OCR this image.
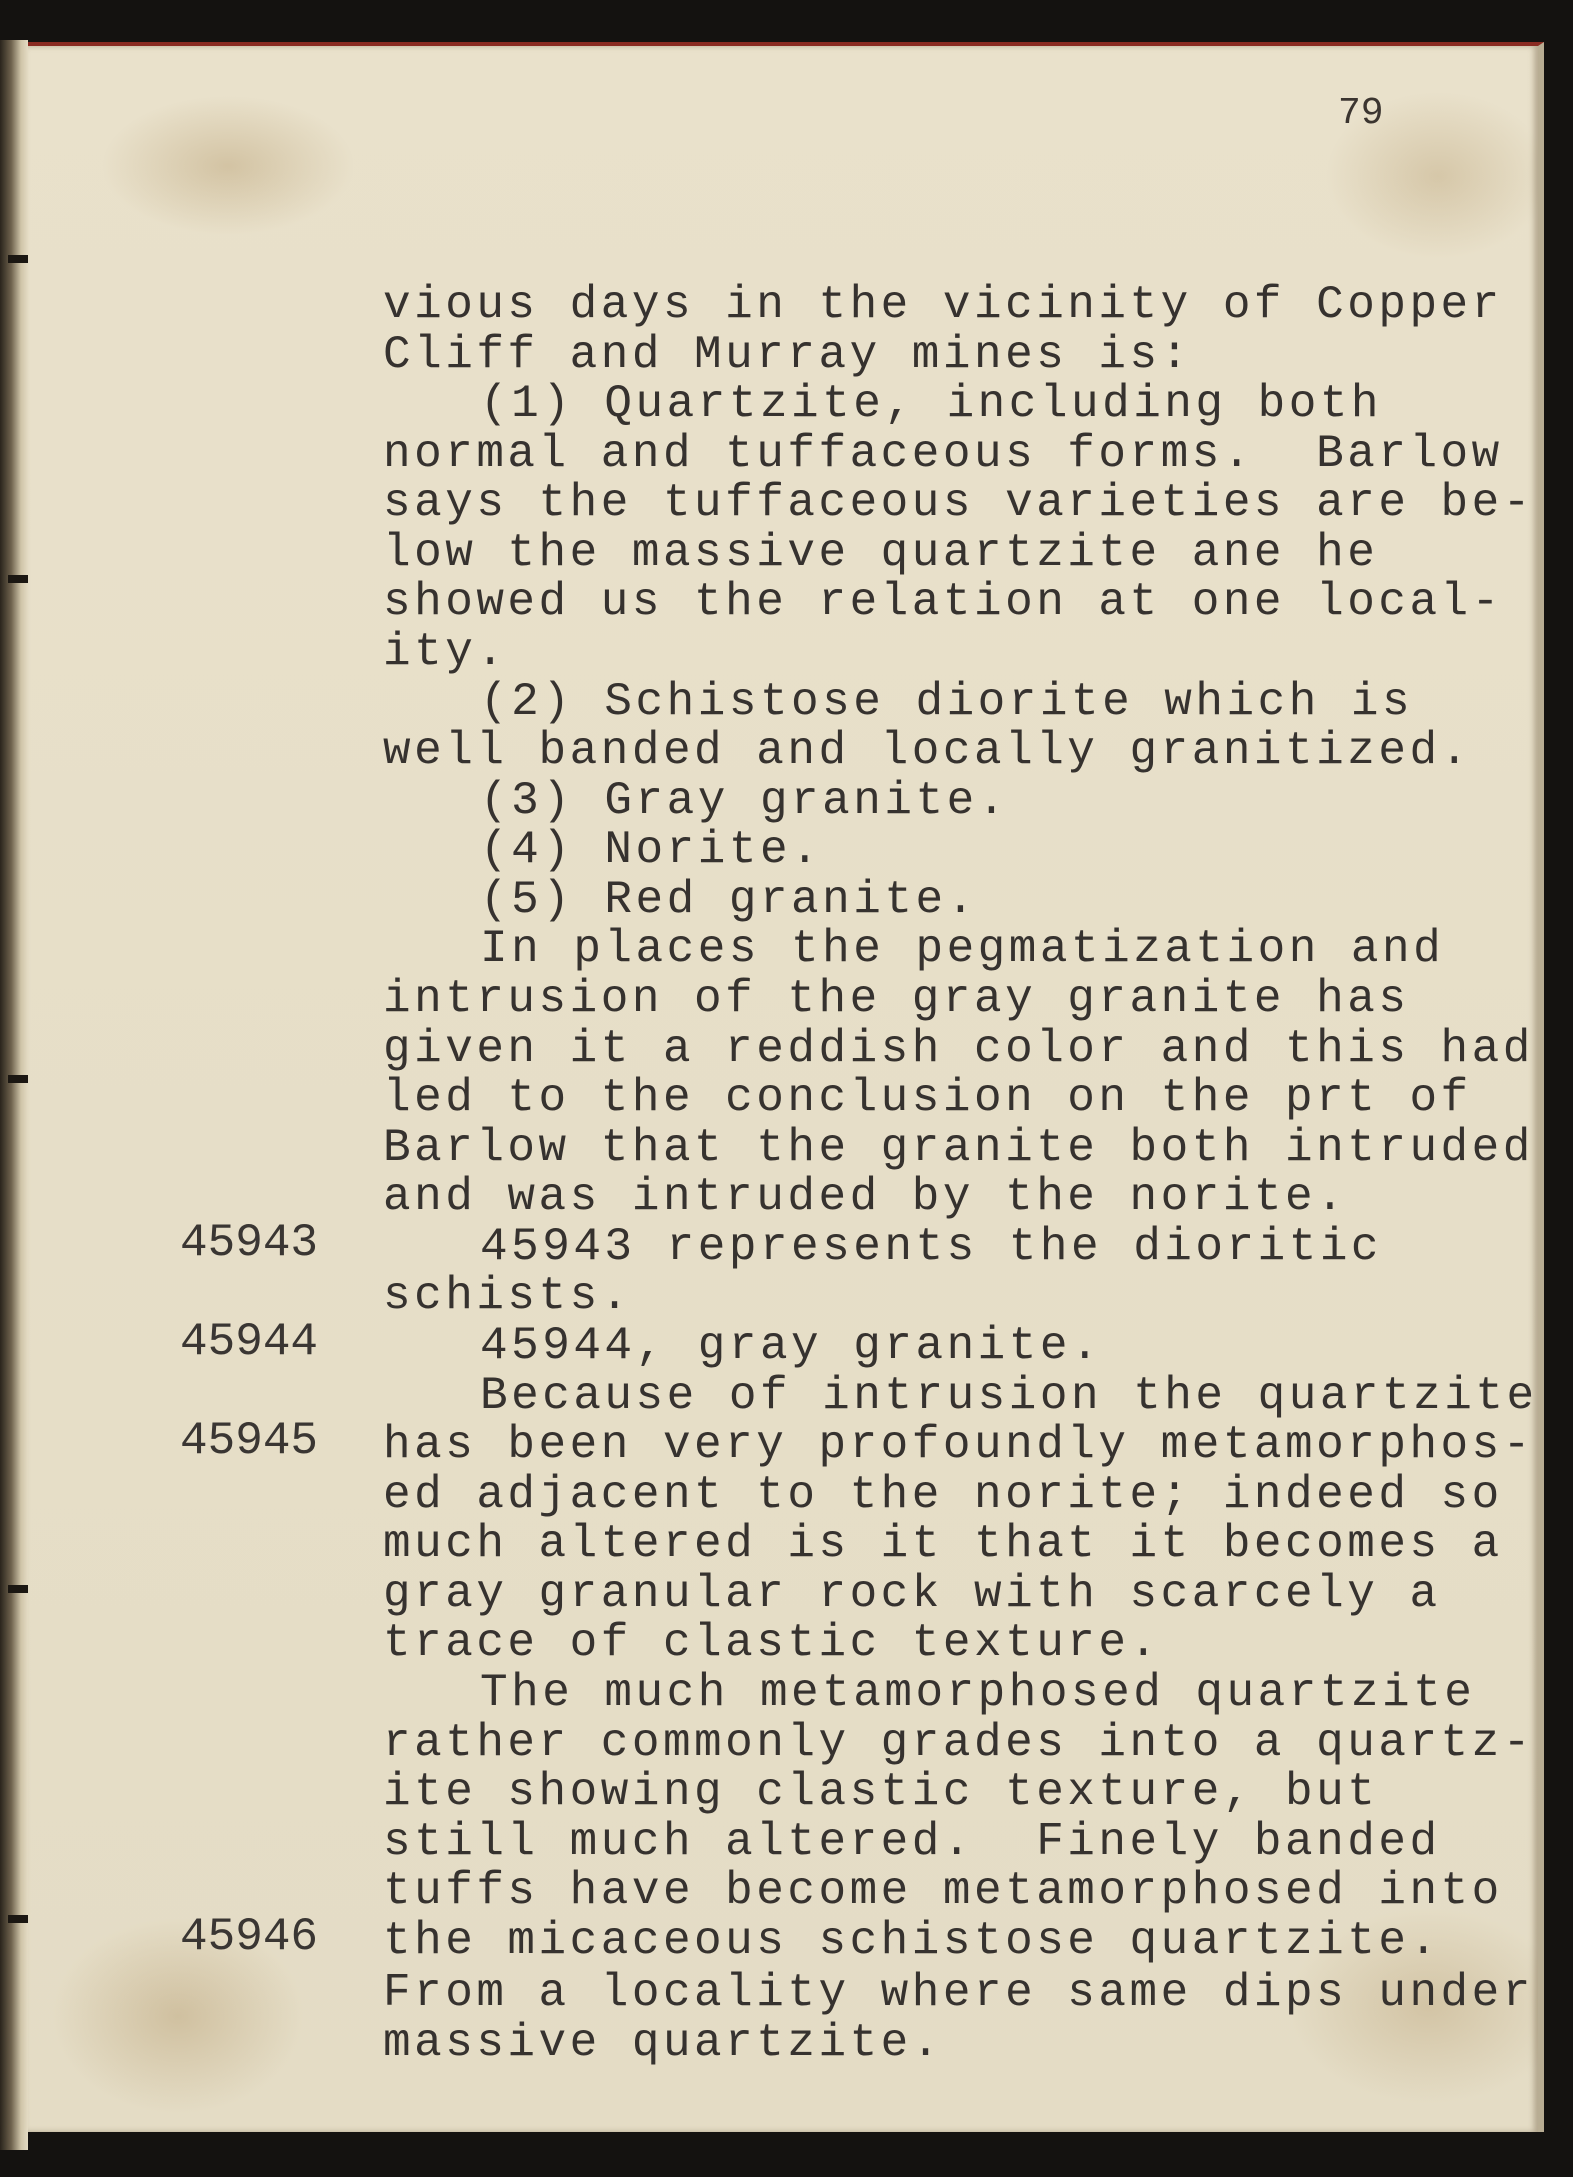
79

vious days in the vicinity of Copper

Cliff and Murray mines is:

(1) Quartzite, including both

normal and tuffaceous forms.  Barlow

says the tuffaceous varieties are be-

low the massive quartzite ane he

showed us the relation at one local-

ity.

(2) Schistose diorite which is

well banded and locally granitized.

(3) Gray granite.

(4) Norite.

(5) Red granite.

In places the pegmatization and

intrusion of the gray granite has

given it a reddish color and this had

led to the conclusion on the prt of

Barlow that the granite both intruded

and was intruded by the norite.

45943 represents the dioritic

schists.

45944, gray granite.

Because of intrusion the quartzite

has been very profoundly metamorphos-

ed adjacent to the norite; indeed so

much altered is it that it becomes a

gray granular rock with scarcely a

trace of clastic texture.

The much metamorphosed quartzite

rather commonly grades into a quartz-

ite showing clastic texture, but

still much altered.  Finely banded

tuffs have become metamorphosed into

the micaceous schistose quartzite.

From a locality where same dips under

massive quartzite.

45943

45944

45945

45946
